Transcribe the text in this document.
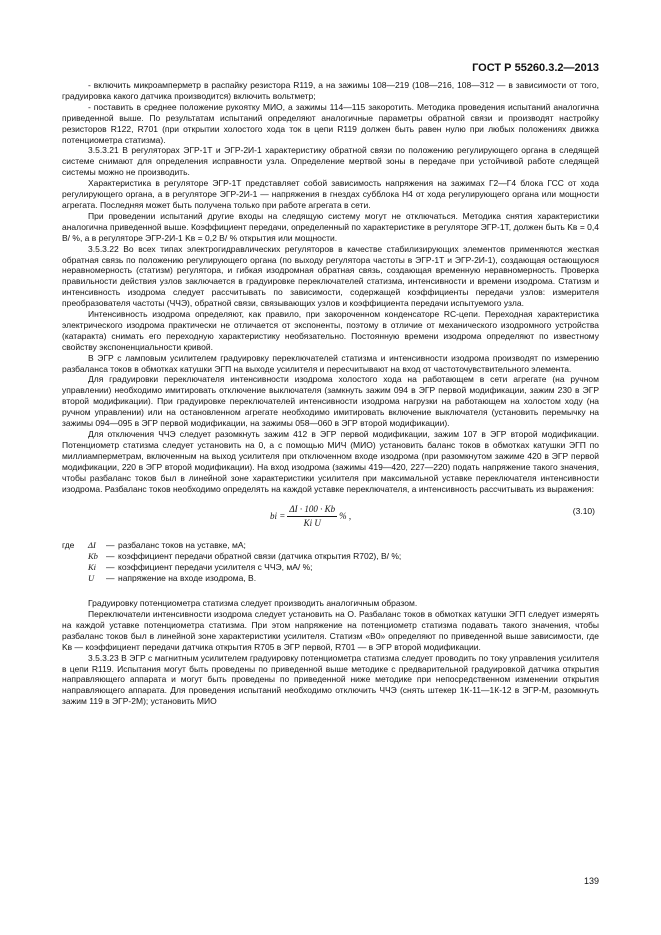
ГОСТ Р 55260.3.2—2013

- включить микроамперметр в распайку резистора R119, а на зажимы 108—219 (108—216, 108—312 — в зависимости от того, градуировка какого датчика производится) включить вольтметр;

- поставить в среднее положение рукоятку МИО, а зажимы 114—115 закоротить. Методика проведения испытаний аналогична приведенной выше. По результатам испытаний определяют аналогичные параметры обратной связи и производят настройку резисторов R122, R701 (при открытии холостого хода ток в цепи R119 должен быть равен нулю при любых положениях движка потенциометра статизма).

3.5.3.21 В регуляторах ЭГР-1Т и ЭГР-2И-1 характеристику обратной связи по положению регулирующего органа в следящей системе снимают для определения исправности узла. Определение мертвой зоны в передаче при устойчивой работе следящей системы можно не производить.

Характеристика в регуляторе ЭГР-1Т представляет собой зависимость напряжения на зажимах Г2—Г4 блока ГСС от хода регулирующего органа, а в регуляторе ЭГР-2И-1 — напряжения в гнездах субблока Н4 от хода регулирующего органа или мощности агрегата. Последняя может быть получена только при работе агрегата в сети.

При проведении испытаний другие входы на следящую систему могут не отключаться. Методика снятия характеристики аналогична приведенной выше. Коэффициент передачи, определенный по характеристике в регуляторе ЭГР-1Т, должен быть Kв = 0,4 В/ %, а в регуляторе ЭГР-2И-1 Kв = 0,2 В/ % открытия или мощности.

3.5.3.22 Во всех типах электрогидравлических регуляторов в качестве стабилизирующих элементов применяются жесткая обратная связь по положению регулирующего органа (по выходу регулятора частоты в ЭГР-1Т и ЭГР-2И-1), создающая остающуюся неравномерность (статизм) регулятора, и гибкая изодромная обратная связь, создающая временную неравномерность. Проверка правильности действия узлов заключается в градуировке переключателей статизма, интенсивности и времени изодрома. Статизм и интенсивность изодрома следует рассчитывать по зависимости, содержащей коэффициенты передачи узлов: измерителя преобразователя частоты (ЧЧЭ), обратной связи, связывающих узлов и коэффициента передачи испытуемого узла.

Интенсивность изодрома определяют, как правило, при закороченном конденсаторе RC-цепи. Переходная характеристика электрического изодрома практически не отличается от экспоненты, поэтому в отличие от механического изодромного устройства (катаракта) снимать его переходную характеристику необязательно. Постоянную времени изодрома определяют по известному свойству экспоненциальности кривой.

В ЭГР с ламповым усилителем градуировку переключателей статизма и интенсивности изодрома производят по измерению разбаланса токов в обмотках катушки ЭГП на выходе усилителя и пересчитывают на вход от частоточувствительного элемента.

Для градуировки переключателя интенсивности изодрома холостого хода на работающем в сети агрегате (на ручном управлении) необходимо имитировать отключение выключателя (замкнуть зажим 094 в ЭГР первой модификации, зажим 230 в ЭГР второй модификации). При градуировке переключателей интенсивности изодрома нагрузки на работающем на холостом ходу (на ручном управлении) или на остановленном агрегате необходимо имитировать включение выключателя (установить перемычку на зажимы 094—095 в ЭГР первой модификации, на зажимы 058—060 в ЭГР второй модификации).

Для отключения ЧЧЭ следует разомкнуть зажим 412 в ЭГР первой модификации, зажим 107 в ЭГР второй модификации. Потенциометр статизма следует установить на 0, а с помощью МИЧ (МИО) установить баланс токов в обмотках катушки ЭГП по миллиамперметрам, включенным на выход усилителя при отключенном входе изодрома (при разомкнутом зажиме 420 в ЭГР первой модификации, 220 в ЭГР второй модификации). На вход изодрома (зажимы 419—420, 227—220) подать напряжение такого значения, чтобы разбаланс токов был в линейной зоне характеристики усилителя при максимальной уставке переключателя интенсивности изодрома. Разбаланс токов необходимо определять на каждой уставке переключателя, а интенсивность рассчитывать из выражения:

bi = $\frac{\Delta I \cdot 100 \cdot Kb}{\text{Ki U}}$ % ,	(3.10)
где	ΔI	— разбаланс токов на уставке, мА;
Kb — коэффициент передачи обратной связи (датчика открытия R702), В/ %;
Ki	— коэффициент передачи усилителя с ЧЧЭ, мА/ %;
U	— напряжение на входе изодрома, В.

Градуировку потенциометра статизма следует производить аналогичным образом.

Переключатели интенсивности изодрома следует установить на О. Разбаланс токов в обмотках катушки ЭГП следует измерять на каждой уставке потенциометра статизма. При этом напряжение на потенциометр статизма подавать такого значения, чтобы разбаланс токов был в линейной зоне характеристики усилителя. Статизм «В0» определяют по приведенной выше зависимости, где Kв — коэффициент передачи датчика открытия R705 в ЭГР первой, R701 — в ЭГР второй модификации.

3.5.3.23 В ЭГР с магнитным усилителем градуировку потенциометра статизма следует проводить по току управления усилителя в цепи R119. Испытания могут быть проведены по приведенной выше методике с предварительной градуировкой датчика открытия направляющего аппарата и могут быть проведены по приведенной ниже методике при непосредственном изменении открытия направляющего аппарата. Для проведения испытаний необходимо отключить ЧЧЭ (снять штекер 1К-11—1К-12 в ЭГР-М, разомкнуть зажим 119 в ЭГР-2М); установить МИО

139
